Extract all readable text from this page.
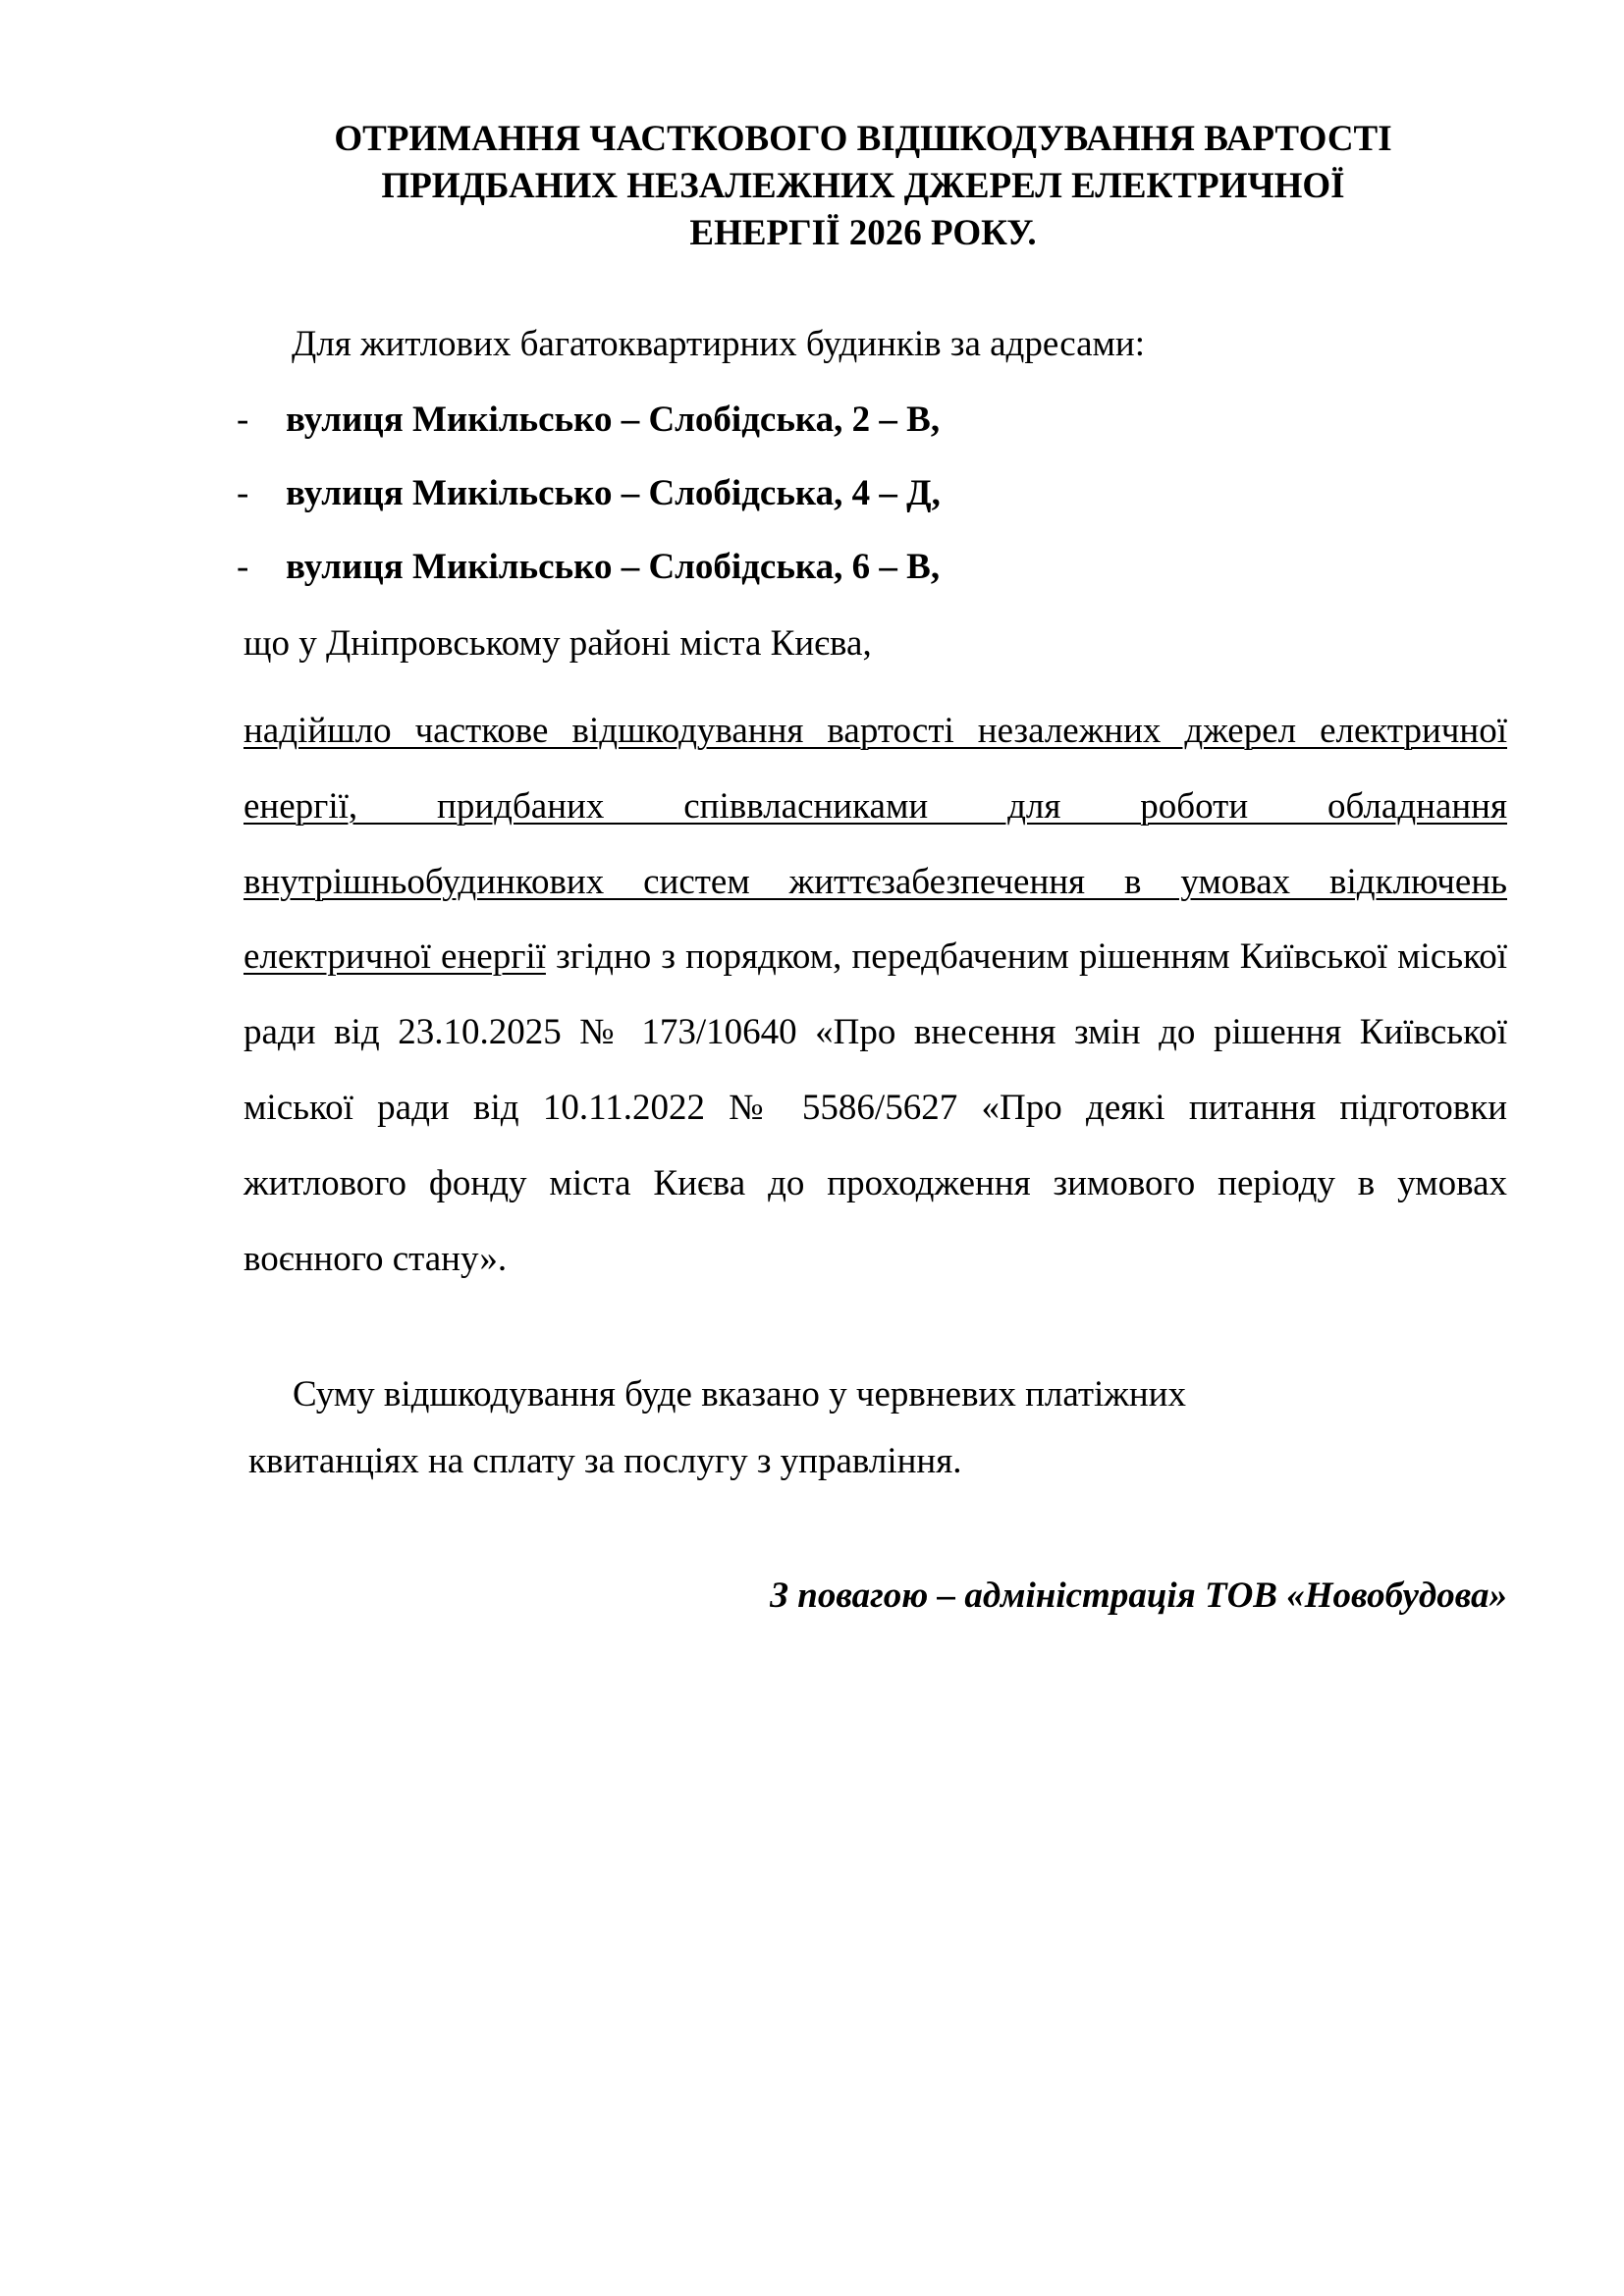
ОТРИМАННЯ ЧАСТКОВОГО ВІДШКОДУВАННЯ ВАРТОСТІ
ПРИДБАНИХ НЕЗАЛЕЖНИХ ДЖЕРЕЛ ЕЛЕКТРИЧНОЇ
ЕНЕРГІЇ 2026 РОКУ.

Для житлових багатоквартирних будинків за адресами:

- вулиця Микільсько – Слобідська, 2 – В,

- вулиця Микільсько – Слобідська, 4 – Д,

- вулиця Микільсько – Слобідська, 6 – В,

що у Дніпровському районі міста Києва,

надійшло часткове відшкодування вартості незалежних джерел електричної енергії, придбаних співвласниками для роботи обладнання внутрішньобудинкових систем життєзабезпечення в умовах відключень електричної енергії згідно з порядком, передбаченим рішенням Київської міської ради від 23.10.2025 № 173/10640 «Про внесення змін до рішення Київської міської ради від 10.11.2022 № 5586/5627 «Про деякі питання підготовки житлового фонду міста Києва до проходження зимового періоду в умовах воєнного стану».

Суму відшкодування буде вказано у червневих платіжних
квитанціях на сплату за послугу з управління.

З повагою – адміністрація ТОВ «Новобудова»
